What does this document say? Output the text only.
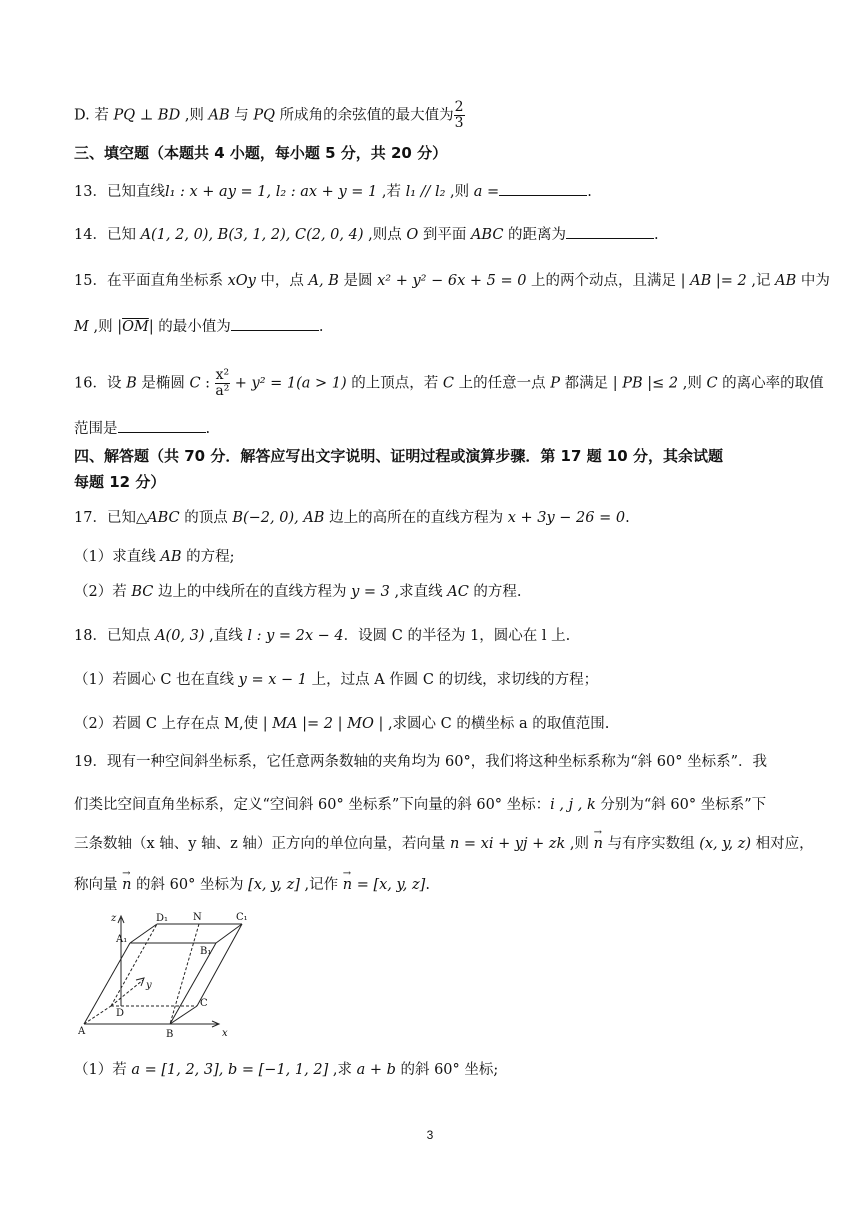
D. 若 PQ ⊥ BD ,则 AB 与 PQ 所成角的余弦值的最大值为 $\frac{2}{3}$
三、填空题（本题共 4 小题，每小题 5 分，共 20 分）
13．已知直线l₁ : x + ay = 1, l₂ : ax + y = 1 ,若 l₁ // l₂ ,则 a =	.
14．已知 A(1, 2, 0), B(3, 1, 2), C(2, 0, 4) ,则点 O 到平面 ABC 的距离为	.
15．在平面直角坐标系 xOy 中，点 A, B 是圆 x² + y² − 6x + 5 = 0 上的两个动点，且满足 | AB |= 2 ,记 AB 中为
M ,则 $|\overline{OM}|$ 的最小值为	.
16．设 B 是椭圆 C : $\frac{\text{x²}}{\text{a²}} + y^2 = 1(a > 1)$ 的上顶点，若 C 上的任意一点 P 都满足 | PB |≤ 2 ,则 C 的离心率的取值
范围是	.
四、解答题（共 70 分．解答应写出文字说明、证明过程或演算步骤．第 17 题 10 分，其余试题
每题 12 分）
17．已知△ABC 的顶点 B(−2, 0), AB 边上的高所在的直线方程为 x + 3y − 26 = 0.
（1）求直线 AB 的方程;
（2）若 BC 边上的中线所在的直线方程为 y = 3 ,求直线 AC 的方程.
18．已知点 A(0, 3) ,直线 l : y = 2x − 4．设圆 C 的半径为 1，圆心在 l 上.
（1）若圆心 C 也在直线 y = x − 1 上，过点 A 作圆 C 的切线，求切线的方程；
（2）若圆 C 上存在点 M,使 | MA |= 2 | MO | ,求圆心 C 的横坐标 a 的取值范围.
19．现有一种空间斜坐标系，它任意两条数轴的夹角均为 60°，我们将这种坐标系称为“斜 60° 坐标系”．我
们类比空间直角坐标系，定义“空间斜 60° 坐标系”下向量的斜 60° 坐标：i , j , k 分别为“斜 60° 坐标系”下
三条数轴（x 轴、y 轴、z 轴）正方向的单位向量，若向量 n = xi + yj + zk ,则 → n 与有序实数组 (x, y, z) 相对应，
称向量 → n 的斜 60° 坐标为 [x, y, z] ,记作 → n = [x, y, z].
z	D₁ N	C₁
A₁
B₁
y
D
C
A	B	x
（1）若 a = [1, 2, 3], b = [−1, 1, 2] ,求 a + b 的斜 60° 坐标;
3
